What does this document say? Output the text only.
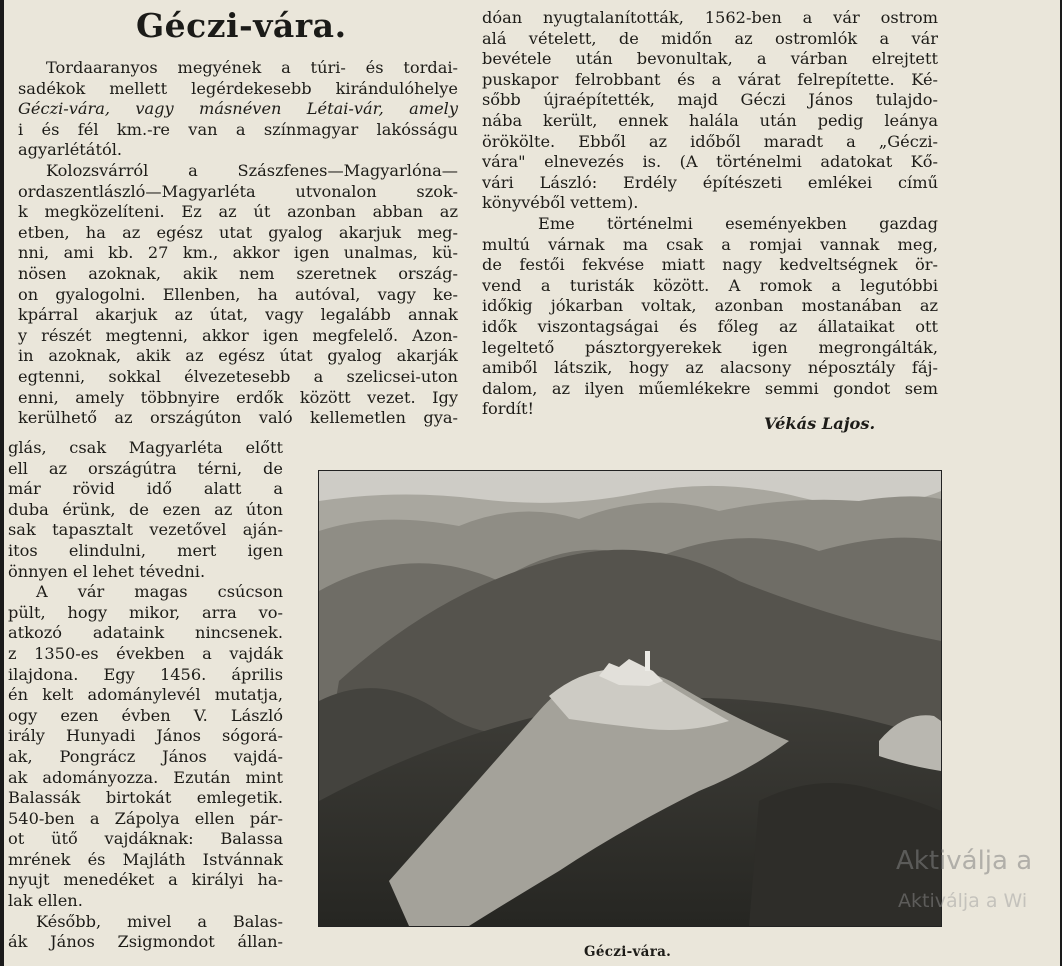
Géczi-vára.

Tordaaranyos megyének a túri- és tordai-

sadékok mellett legérdekesebb kirándulóhelye

Géczi-vára, vagy másnéven Létai-vár, amely

i és fél km.-re van a színmagyar lakósságu

agyarlétától.

Kolozsvárról a Szászfenes—Magyarlóna—

ordaszentlászló—Magyarléta utvonalon szok-

k megközelíteni. Ez az út azonban abban az

etben, ha az egész utat gyalog akarjuk meg-

nni, ami kb. 27 km., akkor igen unalmas, kü-

nösen azoknak, akik nem szeretnek ország-

on gyalogolni. Ellenben, ha autóval, vagy ke-

kpárral akarjuk az útat, vagy legalább annak

y részét megtenni, akkor igen megfelelő. Azon-

in azoknak, akik az egész útat gyalog akarják

egtenni, sokkal élvezetesebb a szelicsei-uton

enni, amely többnyire erdők között vezet. Igy

kerülhető az országúton való kellemetlen gya-

glás, csak Magyarléta előtt

ell az országútra térni, de

már rövid idő alatt a

duba érünk, de ezen az úton

sak tapasztalt vezetővel aján-

itos elindulni, mert igen

önnyen el lehet tévedni.

A vár magas csúcson

pült, hogy mikor, arra vo-

atkozó adataink nincsenek.

z 1350-es években a vajdák

ilajdona. Egy 1456. április

én kelt adománylevél mutatja,

ogy ezen évben V. László

irály Hunyadi János sógorá-

ak, Pongrácz János vajdá-

ak adományozza. Ezután mint

Balassák birtokát emlegetik.

540-ben a Zápolya ellen pár-

ot ütő vajdáknak: Balassa

mrének és Majláth Istvánnak

nyujt menedéket a királyi ha-

lak ellen.

Később, mivel a Balas-

ák János Zsigmondot állan-

dóan nyugtalanították, 1562-ben a vár ostrom

alá vételett, de midőn az ostromlók a vár

bevétele után bevonultak, a várban elrejtett

puskapor felrobbant és a várat felrepítette. Ké-

sőbb újraépítették, majd Géczi János tulajdo-

nába került, ennek halála után pedig leánya

örökölte. Ebből az időből maradt a „Géczi-

vára" elnevezés is. (A történelmi adatokat Kő-

vári László: Erdély építészeti emlékei című

könyvéből vettem).

Eme történelmi eseményekben gazdag

multú várnak ma csak a romjai vannak meg,

de festői fekvése miatt nagy kedveltségnek ör-

vend a turisták között. A romok a legutóbbi

időkig jókarban voltak, azonban mostanában az

idők viszontagságai és főleg az állataikat ott

legeltető pásztorgyerekek igen megrongálták,

amiből látszik, hogy az alacsony néposztály fáj-

dalom, az ilyen műemlékekre semmi gondot sem

fordít!

Vékás Lajos.
Géczi-vára.
Aktiválja a
Aktiválja a Wi
